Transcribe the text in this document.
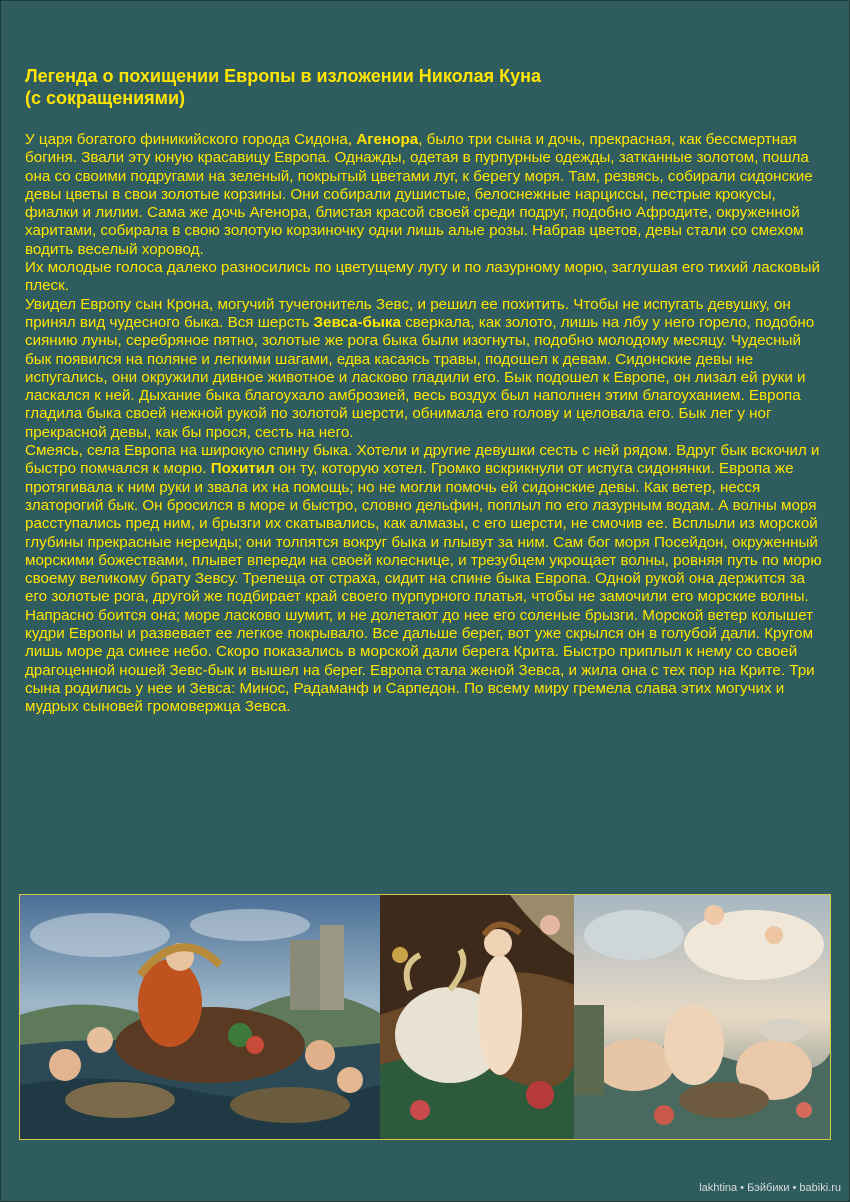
Легенда о похищении Европы в изложении Николая Куна
(с сокращениями)

У царя богатого финикийского города Сидона, Агенора, было три сына и дочь, прекрасная, как бессмертная богиня. Звали эту юную красавицу Европа. Однажды, одетая в пурпурные одежды, затканные золотом, пошла она со своими подругами на зеленый, покрытый цветами луг, к берегу моря. Там, резвясь, собирали сидонские девы цветы в свои золотые корзины. Они собирали душистые, белоснежные нарциссы, пестрые крокусы, фиалки и лилии. Сама же дочь Агенора, блистая красой своей среди подруг, подобно Афродите, окруженной харитами, собирала в свою золотую корзиночку одни лишь алые розы. Набрав цветов, девы стали со смехом водить веселый хоровод.

Их молодые голоса далеко разносились по цветущему лугу и по лазурному морю, заглушая его тихий ласковый плеск.

Увидел Европу сын Крона, могучий тучегонитель Зевс, и решил ее похитить. Чтобы не испугать девушку, он принял вид чудесного быка. Вся шерсть Зевса-быка сверкала, как золото, лишь на лбу у него горело, подобно сиянию луны, серебряное пятно, золотые же рога быка были изогнуты, подобно молодому месяцу. Чудесный бык появился на поляне и легкими шагами, едва касаясь травы, подошел к девам. Сидонские девы не испугались, они окружили дивное животное и ласково гладили его. Бык подошел к Европе, он лизал ей руки и ласкался к ней. Дыхание быка благоухало амброзией, весь воздух был наполнен этим благоуханием. Европа гладила быка своей нежной рукой по золотой шерсти, обнимала его голову и целовала его. Бык лег у ног прекрасной девы, как бы прося, сесть на него.

Смеясь, села Европа на широкую спину быка. Хотели и другие девушки сесть с ней рядом. Вдруг бык вскочил и быстро помчался к морю. Похитил он ту, которую хотел. Громко вскрикнули от испуга сидонянки. Европа же протягивала к ним руки и звала их на помощь; но не могли помочь ей сидонские девы. Как ветер, несся златорогий бык. Он бросился в море и быстро, словно дельфин, поплыл по его лазурным водам. А волны моря расступались пред ним, и брызги их скатывались, как алмазы, с его шерсти, не смочив ее. Всплыли из морской глубины прекрасные нереиды; они толпятся вокруг быка и плывут за ним. Сам бог моря Посейдон, окруженный морскими божествами, плывет впереди на своей колеснице, и трезубцем укрощает волны, ровняя путь по морю своему великому брату Зевсу. Трепеща от страха, сидит на спине быка Европа. Одной рукой она держится за его золотые рога, другой же подбирает край своего пурпурного платья, чтобы не замочили его морские волны. Напрасно боится она; море ласково шумит, и не долетают до нее его соленые брызги. Морской ветер колышет кудри Европы и развевает ее легкое покрывало. Все дальше берег, вот уже скрылся он в голубой дали. Кругом лишь море да синее небо. Скоро показались в морской дали берега Крита. Быстро приплыл к нему со своей драгоценной ношей Зевс-бык и вышел на берег. Европа стала женой Зевса, и жила она с тех пор на Крите. Три сына родились у нее и Зевса: Минос, Радаманф и Сарпедон. По всему миру гремела слава этих могучих и мудрых сыновей громовержца Зевса.

lakhtina • Бэйбики • babiki.ru
